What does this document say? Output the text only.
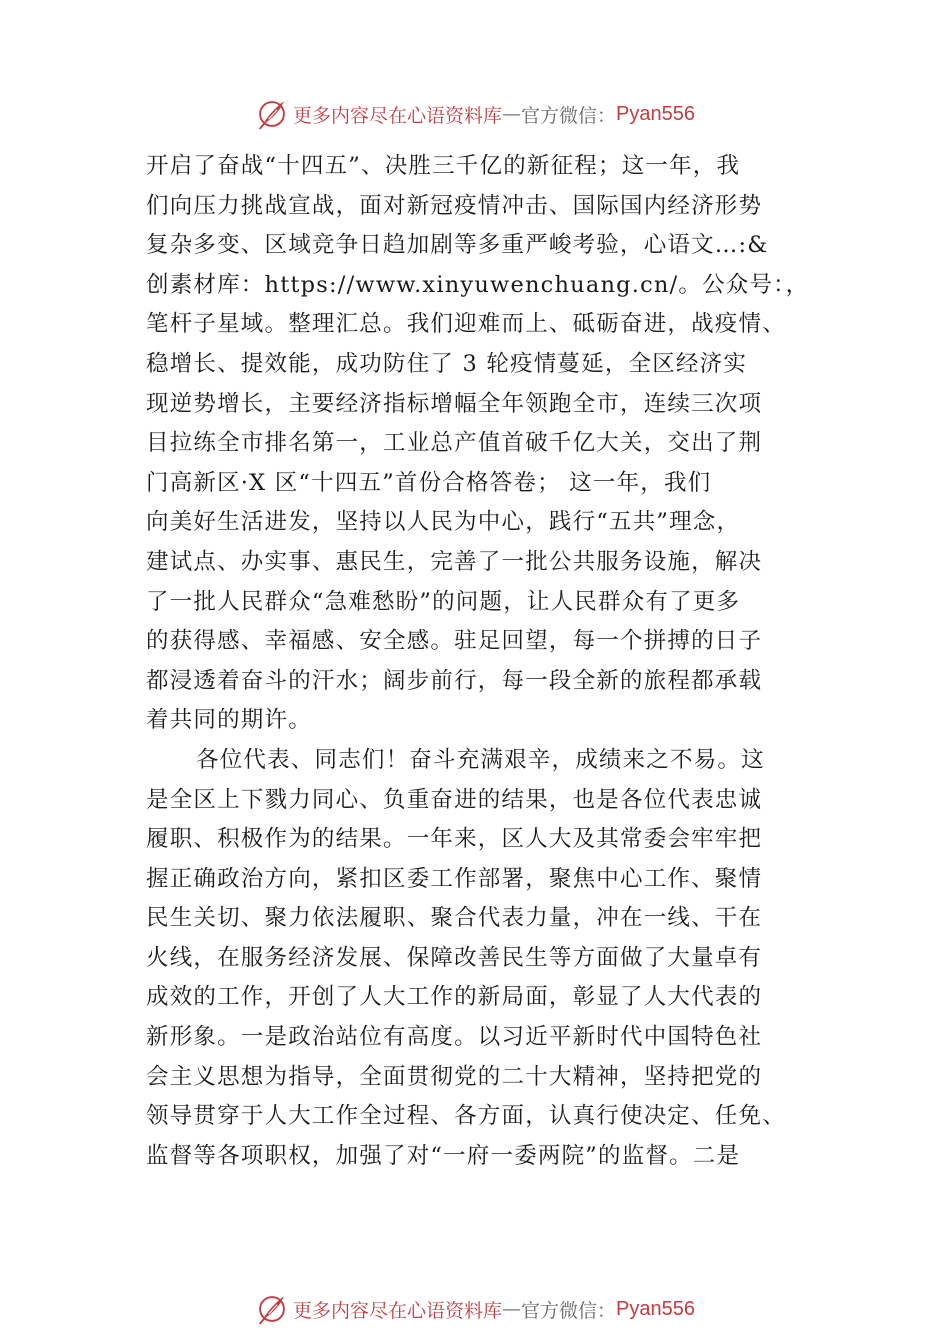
更多内容尽在心语资料库 — 官方微信： Pyan556
开启了奋战“十四五”、决胜三千亿的新征程；这一年，我
们向压力挑战宣战，面对新冠疫情冲击、国际国内经济形势
复杂多变、区域竞争日趋加剧等多重严峻考验，心语文…:&
创素材库：https://www.xinyuwenchuang.cn/。公众号：，
笔杆子星域。整理汇总。我们迎难而上、砥砺奋进，战疫情、
稳增长、提效能，成功防住了 3 轮疫情蔓延，全区经济实
现逆势增长，主要经济指标增幅全年领跑全市，连续三次项
目拉练全市排名第一，工业总产值首破千亿大关，交出了荆
门高新区·X 区“十四五”首份合格答卷； 这一年，我们
向美好生活进发，坚持以人民为中心，践行“五共”理念，
建试点、办实事、惠民生，完善了一批公共服务设施，解决
了一批人民群众“急难愁盼”的问题，让人民群众有了更多
的获得感、幸福感、安全感。驻足回望，每一个拼搏的日子
都浸透着奋斗的汗水；阔步前行，每一段全新的旅程都承载
着共同的期许。
各位代表、同志们！奋斗充满艰辛，成绩来之不易。这
是全区上下戮力同心、负重奋进的结果，也是各位代表忠诚
履职、积极作为的结果。一年来，区人大及其常委会牢牢把
握正确政治方向，紧扣区委工作部署，聚焦中心工作、聚情
民生关切、聚力依法履职、聚合代表力量，冲在一线、干在
火线，在服务经济发展、保障改善民生等方面做了大量卓有
成效的工作，开创了人大工作的新局面，彰显了人大代表的
新形象。一是政治站位有高度。以习近平新时代中国特色社
会主义思想为指导，全面贯彻党的二十大精神，坚持把党的
领导贯穿于人大工作全过程、各方面，认真行使决定、任免、
监督等各项职权，加强了对“一府一委两院”的监督。二是
更多内容尽在心语资料库 — 官方微信： Pyan556
